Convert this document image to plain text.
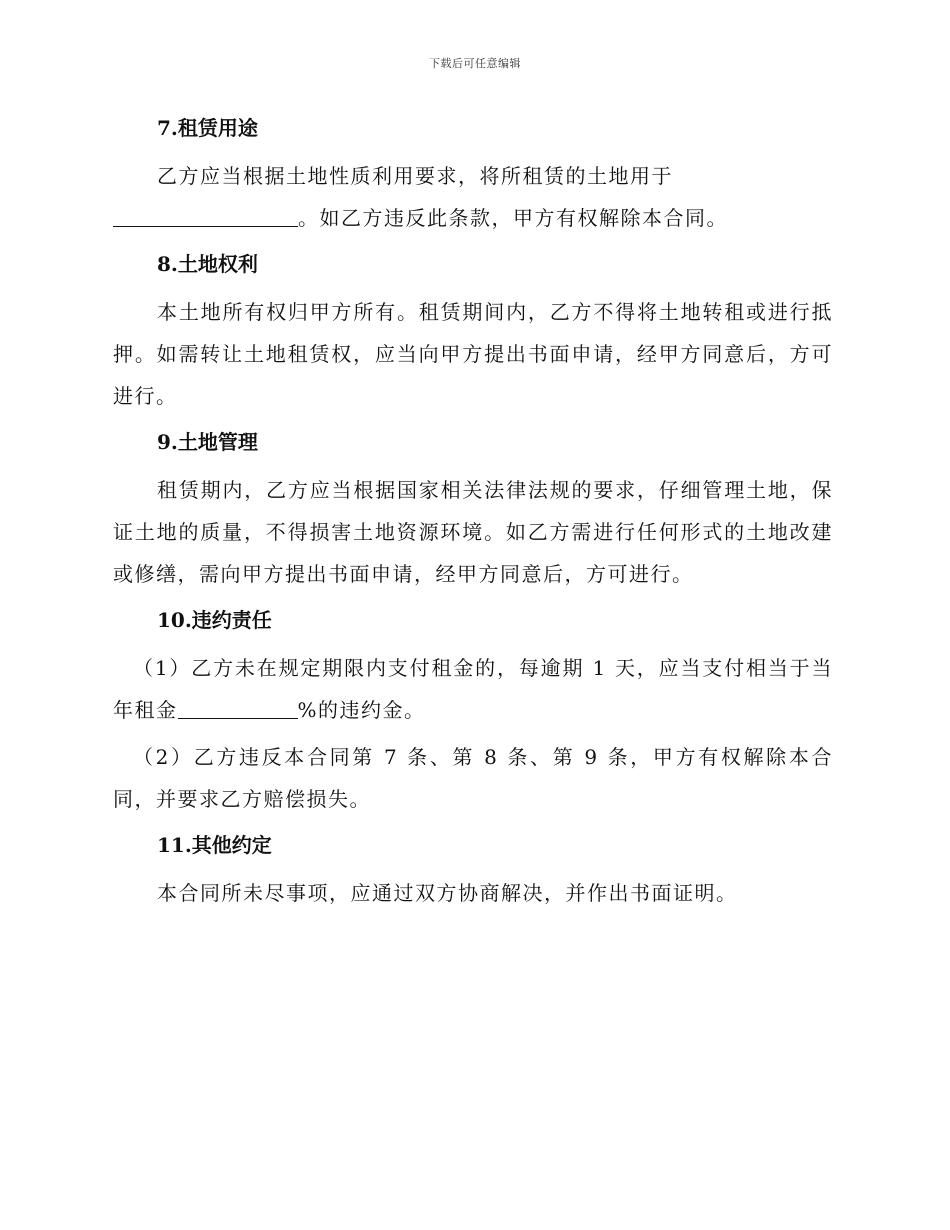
下载后可任意编辑
7.租赁用途

乙方应当根据土地性质利用要求，将所租赁的土地用于
。如乙方违反此条款，甲方有权解除本合同。

8.土地权利

本土地所有权归甲方所有。租赁期间内，乙方不得将土地转租或进行抵押。如需转让土地租赁权，应当向甲方提出书面申请，经甲方同意后，方可进行。

9.土地管理

租赁期内，乙方应当根据国家相关法律法规的要求，仔细管理土地，保证土地的质量，不得损害土地资源环境。如乙方需进行任何形式的土地改建或修缮，需向甲方提出书面申请，经甲方同意后，方可进行。

10.违约责任

（1）乙方未在规定期限内支付租金的，每逾期 1 天，应当支付相当于当年租金	%的违约金。

（2）乙方违反本合同第 7 条、第 8 条、第 9 条，甲方有权解除本合同，并要求乙方赔偿损失。

11.其他约定

本合同所未尽事项，应通过双方协商解决，并作出书面证明。
